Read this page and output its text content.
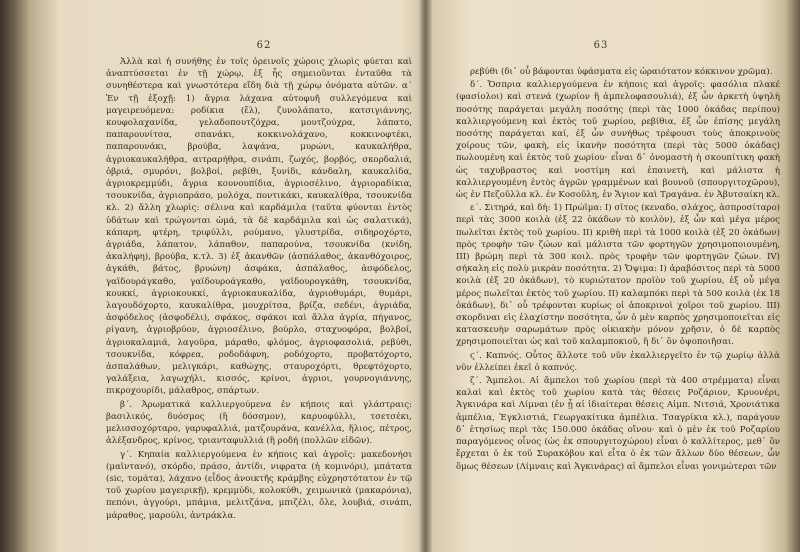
62

Ἀλλὰ καὶ ἡ συνήθης ἐν τοῖς ὀρεινοῖς χώροις χλωρὶς φύεται καὶ ἀναπτύσσεται ἐν τῇ χώρῳ, ἐξ ἧς σημειοῦνται ἐνταῦθα τὰ συνηθέστερα καὶ γνωστότερα εἴδη διὰ τῇ χώρῳ ὀνόματα αὐτῶν. α΄ Ἐν τῇ ἐξοχῇ: 1) ἄγρια λάχανα αὐτοφυῆ συλλεγόμενα καὶ μαγειρευόμενα: ροδίκια (ἔλ), ζυνολάπατο, κατσιγιάννης, κουφολαχανίδα, γελαδοπουτζόχρα, μουτζούχρα, λάπατο, παπαρουνίτσα, σπανάκι, κοκκινολάχανο, κοκκινοφτέκι, παπαρουνάκι, βρούβα, λαψάνα, μυρώνι, καυκαλήθρα, ἀγριοκαυκαλήθρα, αιτραρήθρα, σινάπι, ζωχός, βορβός, σκορδαλιά, ὀβριά, σμυρόνι, βολβοί, ρεβίθι, ξυνίδι, κάνδαλη, καυκαλίδα, ἀγριοκρεμμύδι, ἄγρια κουνουπίδια, ἀγριοσέλινο, ἀγριοραδίκια, τσουκνίδα, ἀγριοπράσο, μολόχα, ποντικάκι, καυκαλίθρα, τσουκνίδα κλ. 2) ἄλλη χλωρὶς: σέλινα καὶ καρδάμιλα (ταῦτα φύονται ἐντὸς ὑδάτων καὶ τρώγονται ὠμά, τὰ δὲ καρδάμιλα καὶ ὡς σαλατικά), κάπαρη, φτέρη, τριφύλλι, ρούμανο, γλυστρίδα, σιδηροχόρτο, ἀγριάδα, λάπατον, λάπαθον, παπαρούνα, τσουκνίδα (κνίδη, ἀκαλήφη), βρούβα, κ.τλ. 3) ἐξ ἀκανθῶν (ἀσπάλαθος, ἀκανθόχοιρος, ἀγκάθι, βάτος, βρυώνη) ἀσφάκα, ἀσπάλαθος, ἀσφόδελος, γαϊδουράγκαθο, γαϊδουροάγκαθο, γαϊδουρογκάθη, τσουκνίδα, κουκκί, ἀγριοκουκκί, ἀγριοκαυκαλίδα, ἀγριοθυμάρι, θυμάρι, λαγουδόχορτο, καυκαλίθρα, μουχρίτσα, βρίζα, σεδένι, ἀγριάδα, ἀσφόδελος (ἀσφοδέλι), σφάκος, σφάκοι καὶ ἄλλα ἀγρία, πήγανος, ρίγανη, ἀγριοβρύον, ἀγριοσέλινο, βούρλο, σταχυοφόρα, βολβοί, ἀγριοκαλαμιά, λαγοῦρα, μάραθο, φλόμος, ἀγριοφασολιά, ρεβύθι, τσουκνίδα, κόφρεα, ροδοδάφνη, ροδόχορτο, προβατόχορτο, ἀσπαλάθων, μελιγκάρι, καθώχης, σταυροχόρτι, θρεφτόχορτο, γαλάξεια, λαγωχήλι, κισσός, κρίνοι, ἀγριοι, γουρνογιάννης, πικροχουρίδι, μάλαθρος, σπάρτων.

β΄. Ἀρωματικά καλλιεργούμενα ἐν κήποις καὶ γλάστραις: βασιλικός, δυόσμος (ἢ δόσσμον), καρυοφύλλι, τσετσέκι, μελισσοχόρταρο, γαρυφαλλιά, ματζουράνα, κανέλλα, ἥλιος, πέτρος, ἀλέξανδρος, κρίνος, τριανταφυλλιά (ἢ ροδή (πολλῶν εἰδῶν).

γ΄. Κηπαία καλλιεργούμενα ἐν κήποις καὶ ἀγροῖς: μακεδονήσι (μαϊντανό), σκόρδο, πράσο, ἀντίδι, νιφρατα (ἡ κομινόρι), μπάτατα (sic, τομάτα), λάχανο (εἶδος ἀνοικτῆς κράμβης εὐχρηστότατον ἐν τῷ τοῦ χωρίου μαγειρικῇ), κρεμμύδι, κολοκύθι, χειμωνικὰ (μακαρόνια), πεπόνι, ἀγγούρι, μπάμια, μελιτζάνα, μπιζέλι, ὄλε, λουβιά, σινάπι, μάραθος, μαρούλι, ἀντράκλα.

63

ρεβύθι (δι᾽ οὗ βάφονται ὑφάσματα εἰς ὡραιότατον κόκκινον χρῶμα).

δ΄. Ὄσπρια καλλιεργούμενα ἐν κήποις καὶ ἀγροῖς: φασόλια πλακέ (φασίολοι) καὶ στενά (χωρίον ἢ ἀμπελοφασουλιά), ἐξ ὧν ἀρκετὴ ὑψηλὴ ποσότης παράγεται μεγάλη ποσότης (περὶ τὰς 1000 ὀκάδας περίπου) καλλιεργούμενη καὶ ἐκτὸς τοῦ χωρίου, ρεβίθια, ἐξ ὧν ἐπίσης μεγάλη ποσότης παράγεται καί, ἐξ ὧν συνήθως τρέφουσι τοὺς ἀποκρινοὺς χοίρους τῶν, φακὴ, εἰς ἱκανὴν ποσότητα (περὶ τὰς 5000 ὀκάδας) πωλουμένη καὶ ἐκτὸς τοῦ χωρίου· εἶναι δ᾽ ὀνομαστὴ ἡ σκουπίτικη φακὴ ὡς ταχυβραστος καὶ νοστίμη καὶ ἐπαινετὴ, καὶ μάλιστα ἡ καλλιεργουμένη ἐντὸς ἀγρῶν γραμμένων καὶ βουνοῦ (σπουργιτοχῶρου), ὡς ἐν Πεζοῦλλα κλ. ἐν Κοσοῦλη, ἐν Ἄγιον καὶ Τραγάνα. ἐν Ἀβυτσαίκη κλ.

ε΄. Σιτηρά, καὶ δὴ: 1) Πρώϊμα: Ι) σῖτος (κεναδο, σλάχος, ἀσπροσίταρο) περὶ τὰς 3000 κοιλὰ (ἐξ 22 ὀκάδων τὸ κοιλὸν), ἐξ ὧν καὶ μέγα μέρος πωλεῖται ἐκτὸς τοῦ χωρίου. II) κριθὴ περὶ τὰ 1000 κοιλὰ (ἐξ 20 ὀκάδων) πρὸς τροφὴν τῶν ζώων καὶ μάλιστα τῶν φορτηγῶν χρησιμοποιουμένη, III) βρώμη περὶ τὰ 300 κοιλ. πρὸς τροφὴν τῶν φορτηγῶν ζώων. IV) σήκαλη εἰς πολὺ μικρὰν ποσότητα. 2) Ὄψιμα: Ι) ἀραβόσιτος περὶ τὰ 5000 κοιλὰ (ἐξ 20 ὀκάδων), τὸ κυριώτατον προϊὸν τοῦ χωρίου, ἐξ οὗ μέγα μέρος πωλεῖται ἐκτὸς τοῦ χωρίου. II) καλαμπόκι περὶ τὰ 500 κοιλὰ (ἐκ 18 ὀκάδων), δι᾽ οὗ τρέφονται κυρίως οἱ ἀποκρινοὶ χοῖροι τοῦ χωρίου. III) σκορδιναι εἰς ἐλαχίστην ποσότητα, ὧν ὁ μὲν καρπὸς χρησιμοποιεῖται εἰς κατασκευὴν σαρωμάτων πρὸς οἰκιακὴν μόνον χρῆσιν, ὁ δὲ καρπὸς χρησιμοποιεῖται ὡς καὶ τοῦ καλαμποκιοῦ, ἢ δι᾽ ὃν ὀψοποιῆσαι.

ϛ΄. Καπνός. Οὗτος ἄλλοτε τοῦ νῦν ἐκαλλιεργεῖτο ἐν τῷ χωρίῳ ἀλλὰ νῦν ἐλλείπει ἐκεῖ ὁ καπνός.

ζ΄. Ἄμπελοι. Αἱ ἄμπελοι τοῦ χωρίου (περὶ τὰ 400 στρέμματα) εἶναι καλαὶ καὶ ἐκτὸς τοῦ χωρίου κατὰ τὰς θέσεις Ροζάριον, Κρυονέρι, Ἀγκινάρα καὶ Λίμναι (ἐν ᾗ αἱ ἰδιαίτεραι θέσεις Αἰμπ. Νιτσιά, Χρονιάτικα ἀμπέλια, Ἐγκλιστιά, Γεωργακίτικα ἀμπέλια. Τσαγρίκια κλ.), παράγουν δ᾽ ἐτησίως περὶ τὰς 150.000 ὀκάδας οἴνου· καὶ ὁ μὲν ἐκ τοῦ Ροζαρίου παραγόμενος οἶνος (ὡς ἐκ σπουργιτοχώρου) εἶναι ὁ καλλίτερος, μεθ᾽ ὃν ἔρχεται ὁ ἐκ τοῦ Συρακόβου καὶ εἶτα ὁ ἐκ τῶν ἄλλων δύο θέσεων, ὧν ὅμως θέσεων (Λίμναις καὶ Ἀγκινάρας) αἱ ἄμπελοι εἶναι γονιμώτεραι τῶν
